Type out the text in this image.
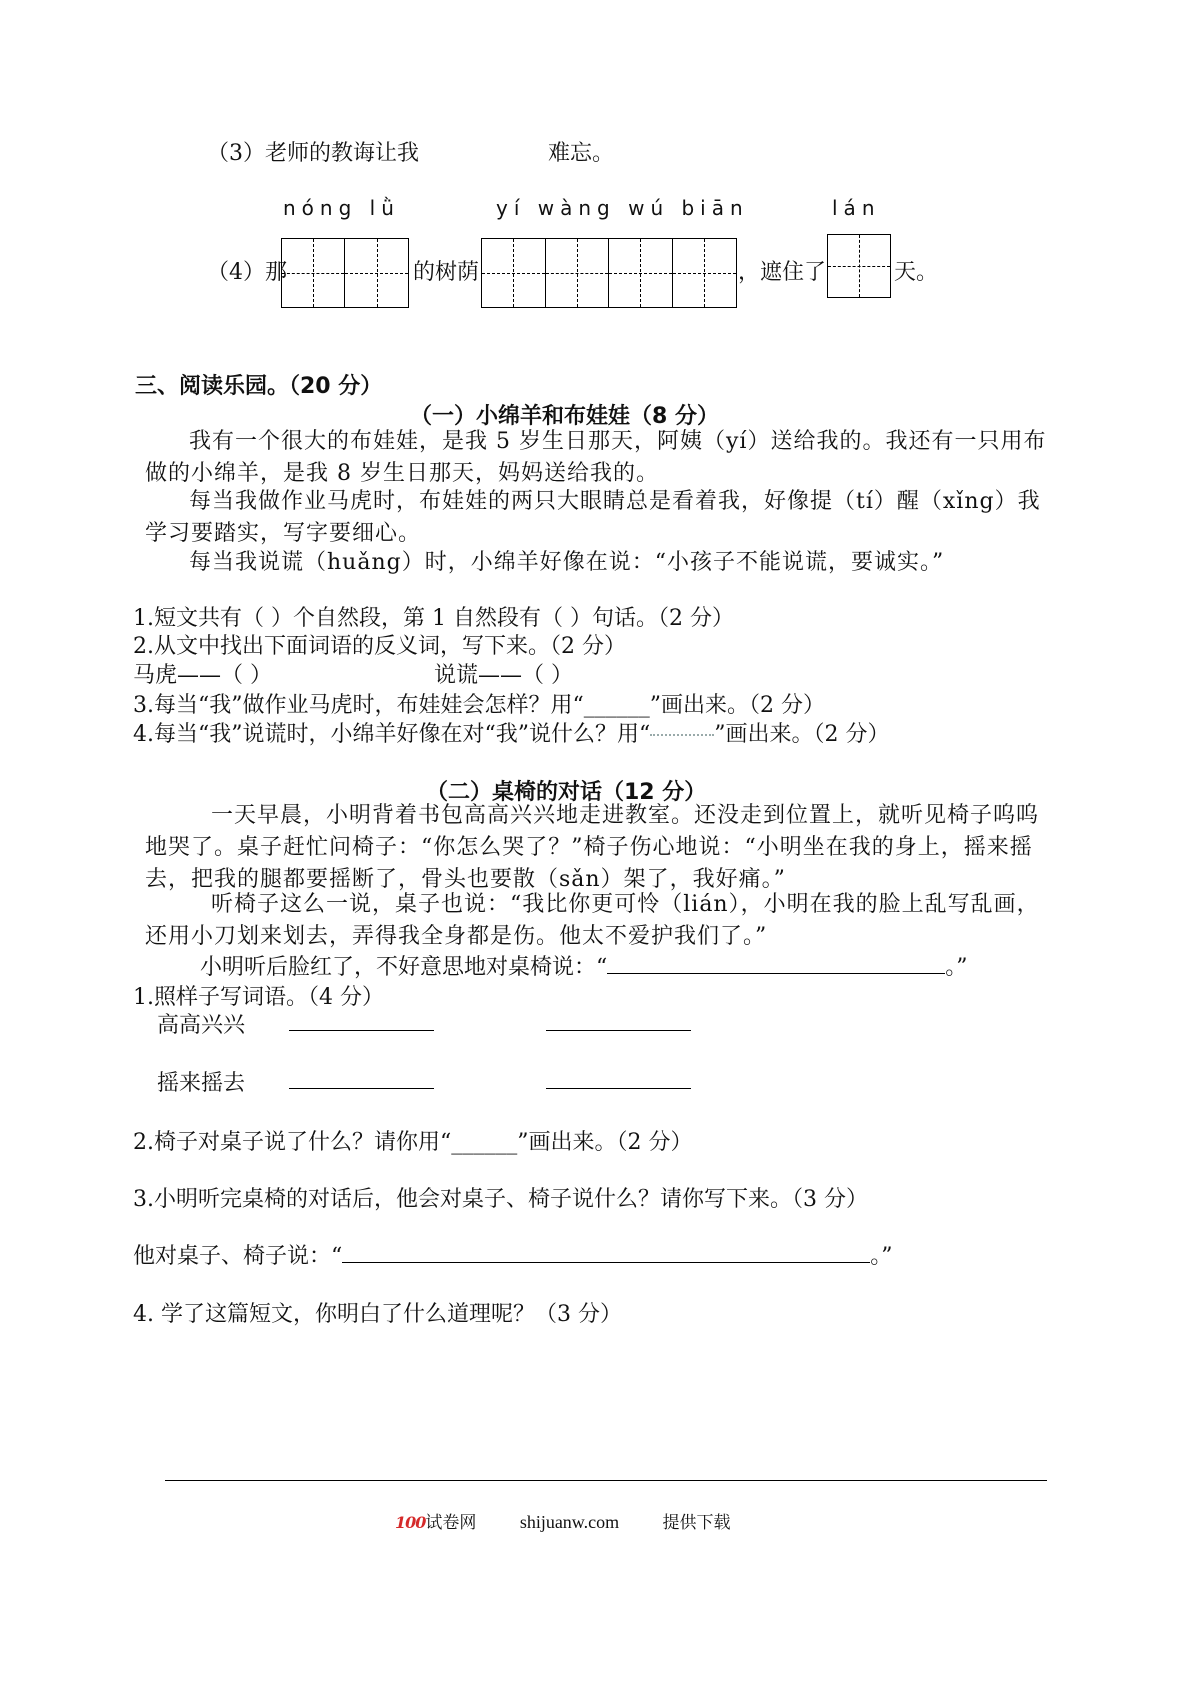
（3）老师的教诲让我	难忘。
nóng lǜ	yí wàng wú biān	lán
（4）那	的树荫	，遮住了	天。
三、阅读乐园。（20 分）
（一）小绵羊和布娃娃（8 分）
我有一个很大的布娃娃，是我 5 岁生日那天，阿姨（yí）送给我的。我还有一只用布做的小绵羊，是我 8 岁生日那天，妈妈送给我的。
每当我做作业马虎时，布娃娃的两只大眼睛总是看着我，好像提（tí）醒（xǐng）我学习要踏实，写字要细心。
每当我说谎（huǎng）时，小绵羊好像在说：“小孩子不能说谎，要诚实。”
1.短文共有（ ）个自然段，第 1 自然段有（ ）句话。（2 分）
2.从文中找出下面词语的反义词，写下来。（2 分）
马虎——（ ）	说谎——（ ）
3.每当“我”做作业马虎时，布娃娃会怎样？用“______”画出来。（2 分）
4.每当“我”说谎时，小绵羊好像在对“我”说什么？用“	”画出来。（2 分）
（二）桌椅的对话（12 分）
一天早晨，小明背着书包高高兴兴地走进教室。还没走到位置上，就听见椅子呜呜地哭了。桌子赶忙问椅子：“你怎么哭了？”椅子伤心地说：“小明坐在我的身上，摇来摇去，把我的腿都要摇断了，骨头也要散（sǎn）架了，我好痛。”
听椅子这么一说，桌子也说：“我比你更可怜（lián），小明在我的脸上乱写乱画，还用小刀划来划去，弄得我全身都是伤。他太不爱护我们了。”
小明听后脸红了，不好意思地对桌椅说：“	。”
1.照样子写词语。（4 分）
高高兴兴
摇来摇去
2.椅子对桌子说了什么？请你用“______”画出来。（2 分）
3.小明听完桌椅的对话后，他会对桌子、椅子说什么？请你写下来。（3 分）
他对桌子、椅子说：“	。”
4. 学了这篇短文，你明白了什么道理呢？（3 分）
100试卷网 shijuanw.com	提供下载
